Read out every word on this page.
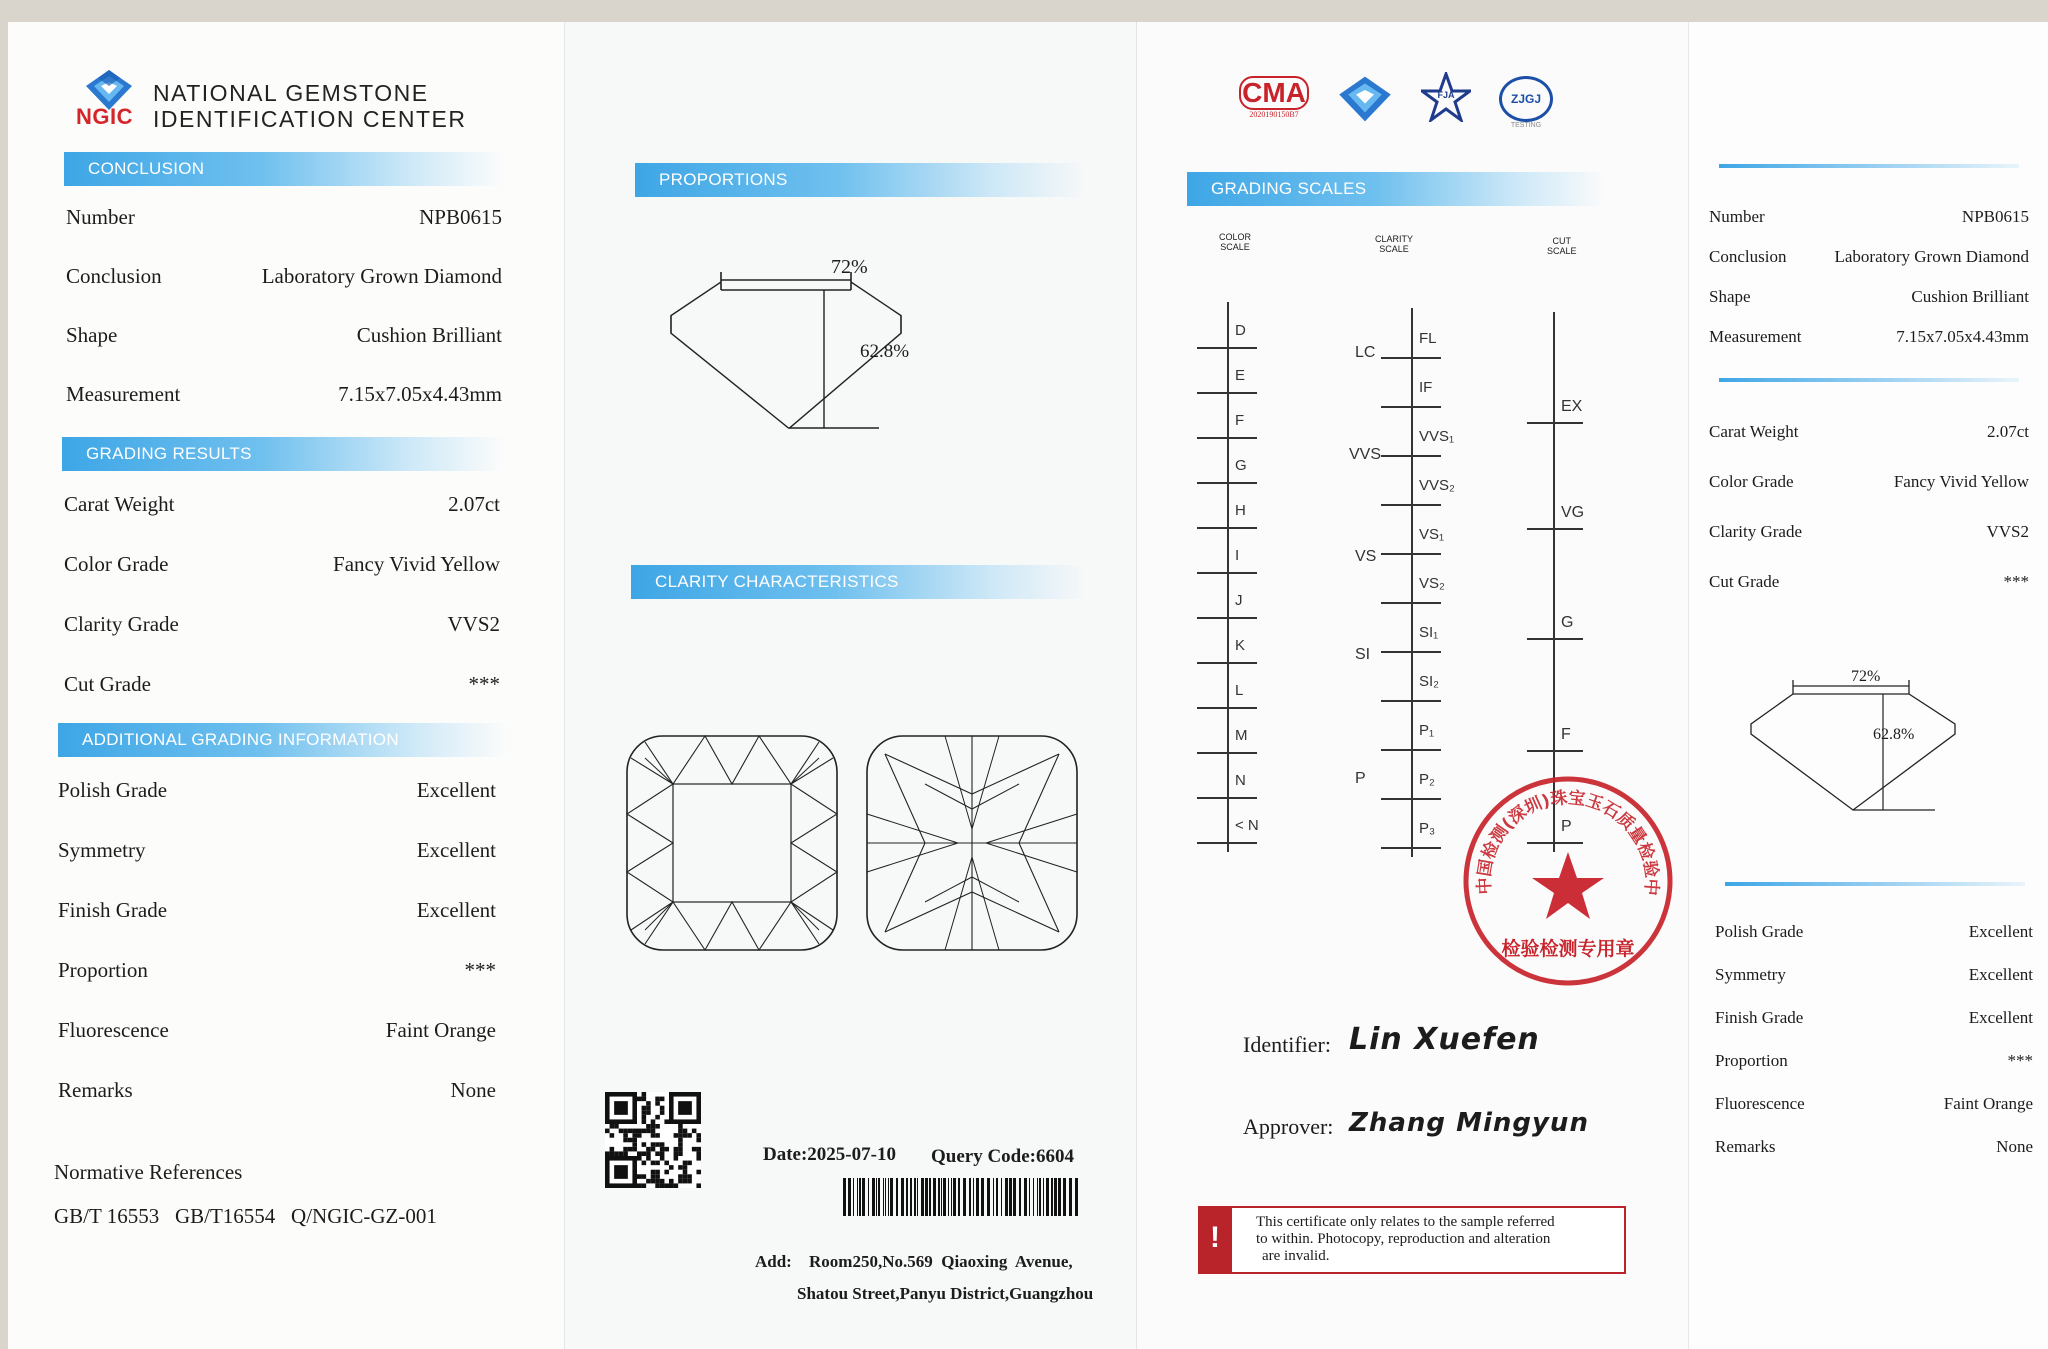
NGIC
NATIONAL GEMSTONE
IDENTIFICATION CENTER
CONCLUSION
Number	NPB0615
Conclusion	Laboratory Grown Diamond
Shape	Cushion Brilliant
Measurement	7.15x7.05x4.43mm
GRADING RESULTS
Carat Weight	2.07ct
Color Grade	Fancy Vivid Yellow
Clarity Grade	VVS2
Cut Grade	***
ADDITIONAL GRADING INFORMATION
Polish Grade	Excellent
Symmetry	Excellent
Finish Grade	Excellent
Proportion	***
Fluorescence	Faint Orange
Remarks	None
Normative References
GB/T 16553   GB/T16554   Q/NGIC-GZ-001
PROPORTIONS
72%
62.8%
CLARITY CHARACTERISTICS
Date:2025-07-10 Query Code:6604
Add: Room250,No.569  Qiaoxing  Avenue,
Shatou Street,Panyu District,Guangzhou
CMA
2020190150B7
FJA	ZJGJ
TESTING
GRADING SCALES
COLOR
SCALE
CLARITY
SCALE
CUT
SCALE
D
E
F
G
H
I
J
K
L
M
N
< N
FL
IF
VVS₁
VVS₂
VS₁
VS₂
SI₁
SI₂
P₁
P₂
P₃
LC
VVS
VS
SI
P
EX
VG
G
F
P
中国检测(深圳)珠宝玉石质量检验中
检验检测专用章
Identifier: Lin Xuefen
Approver: Zhang Mingyun
!	This certificate only relates to the sample referred
to within. Photocopy, reproduction and alteration
are invalid.
Number	NPB0615
Conclusion	Laboratory Grown Diamond
Shape	Cushion Brilliant
Measurement	7.15x7.05x4.43mm
Carat Weight	2.07ct
Color Grade	Fancy Vivid Yellow
Clarity Grade	VVS2
Cut Grade	***
72%
62.8%
Polish Grade	Excellent
Symmetry	Excellent
Finish Grade	Excellent
Proportion	***
Fluorescence	Faint Orange
Remarks	None
